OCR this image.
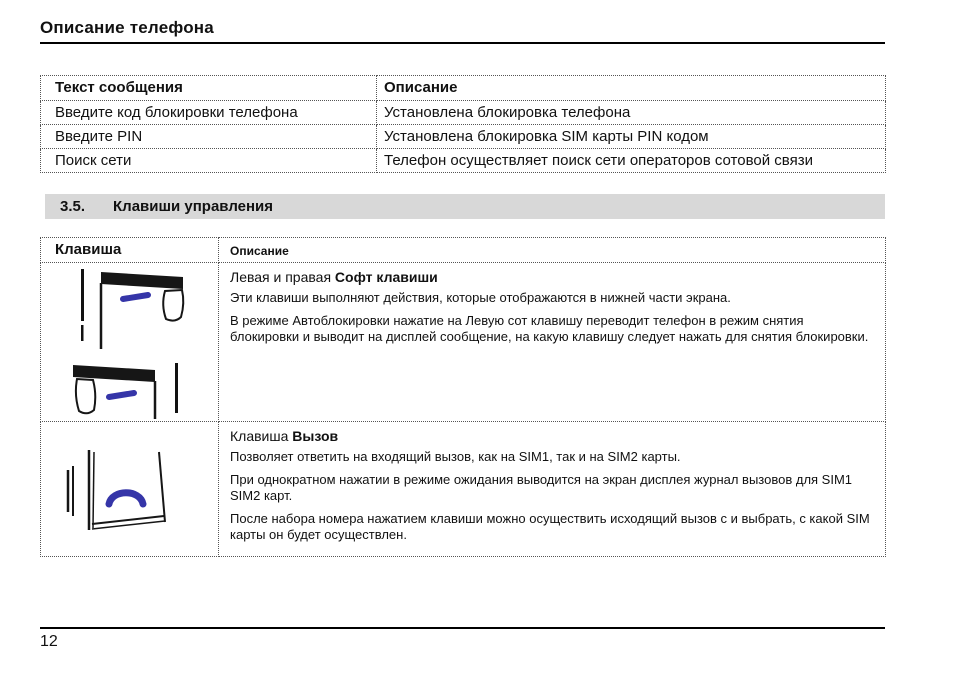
Описание телефона
Текст сообщения	Описание
Введите код блокировки телефона	Установлена блокировка телефона
Введите PIN	Установлена блокировка SIM карты PIN кодом
Поиск сети	Телефон осуществляет поиск сети операторов сотовой связи
3.5. Клавиши управления
Клавиша	Описание

Левая и правая Софт клавиши

Эти клавиши выполняют действия, которые отображаются в нижней части экрана.

В режиме Автоблокировки нажатие на Левую сот клавишу переводит телефон в режим снятия блокировки и выводит на дисплей сообщение, на какую клавишу следует нажать для снятия блокировки.

Клавиша Вызов

Позволяет ответить на входящий вызов, как на SIM1, так и на SIM2 карты.

При однократном нажатии в режиме ожидания выводится на экран дисплея журнал вызовов для SIM1 SIM2 карт.

После набора номера нажатием клавиши можно осуществить исходящий вызов с и выбрать, с какой SIM карты он будет осуществлен.

12
